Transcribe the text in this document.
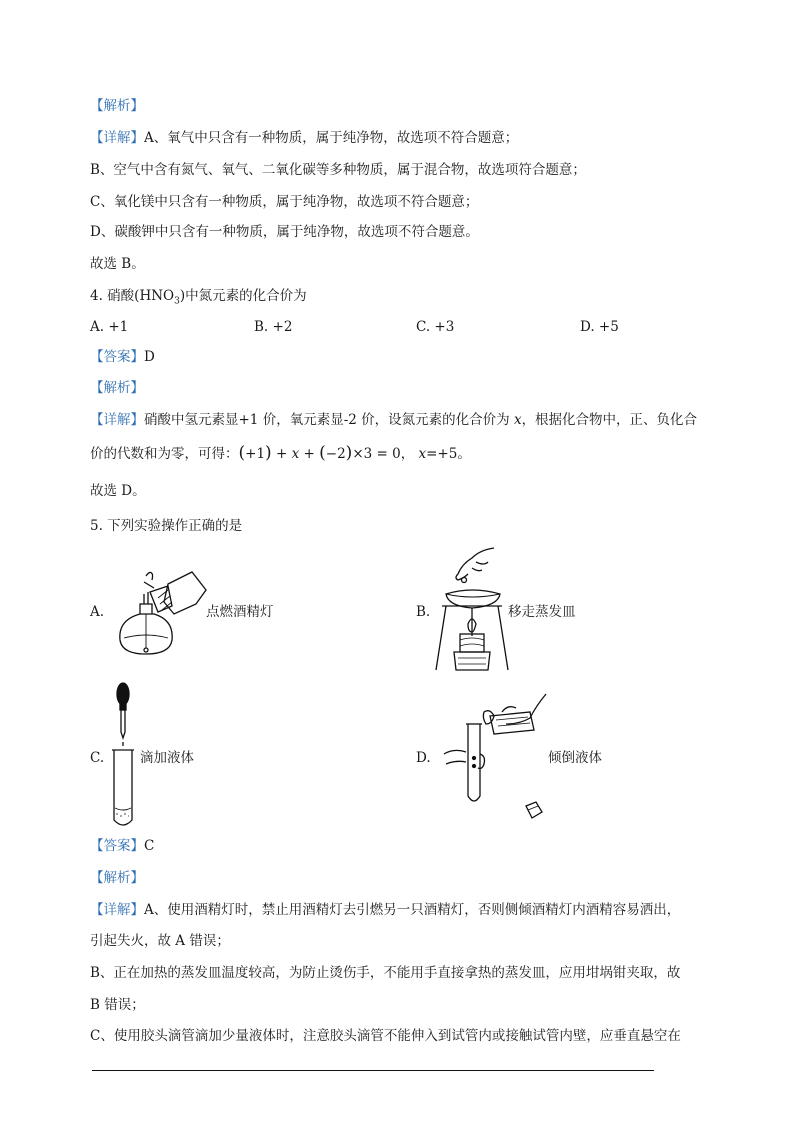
【解析】
【详解】A、氧气中只含有一种物质，属于纯净物，故选项不符合题意；
B、空气中含有氮气、氧气、二氧化碳等多种物质，属于混合物，故选项符合题意；
C、氧化镁中只含有一种物质，属于纯净物，故选项不符合题意；
D、碳酸钾中只含有一种物质，属于纯净物，故选项不符合题意。
故选 B。
4. 硝酸$(HNO_3)$中氮元素的化合价为
A. +1	B. +2	C. +3	D. +5
【答案】D
【解析】
【详解】硝酸中氢元素显+1 价，氧元素显-2 价，设氮元素的化合价为 x，根据化合物中，正、负化合
价的代数和为零，可得：(+1) + x + (−2)×3 = 0， x=+5。
故选 D。
5. 下列实验操作正确的是
A.	点燃酒精灯	B.	移走蒸发皿
C.	滴加液体	D.	倾倒液体
【答案】C
【解析】
【详解】A、使用酒精灯时，禁止用酒精灯去引燃另一只酒精灯，否则侧倾酒精灯内酒精容易洒出，
引起失火，故 A 错误；
B、正在加热的蒸发皿温度较高，为防止烫伤手，不能用手直接拿热的蒸发皿，应用坩埚钳夹取，故
B 错误；
C、使用胶头滴管滴加少量液体时，注意胶头滴管不能伸入到试管内或接触试管内壁，应垂直悬空在
